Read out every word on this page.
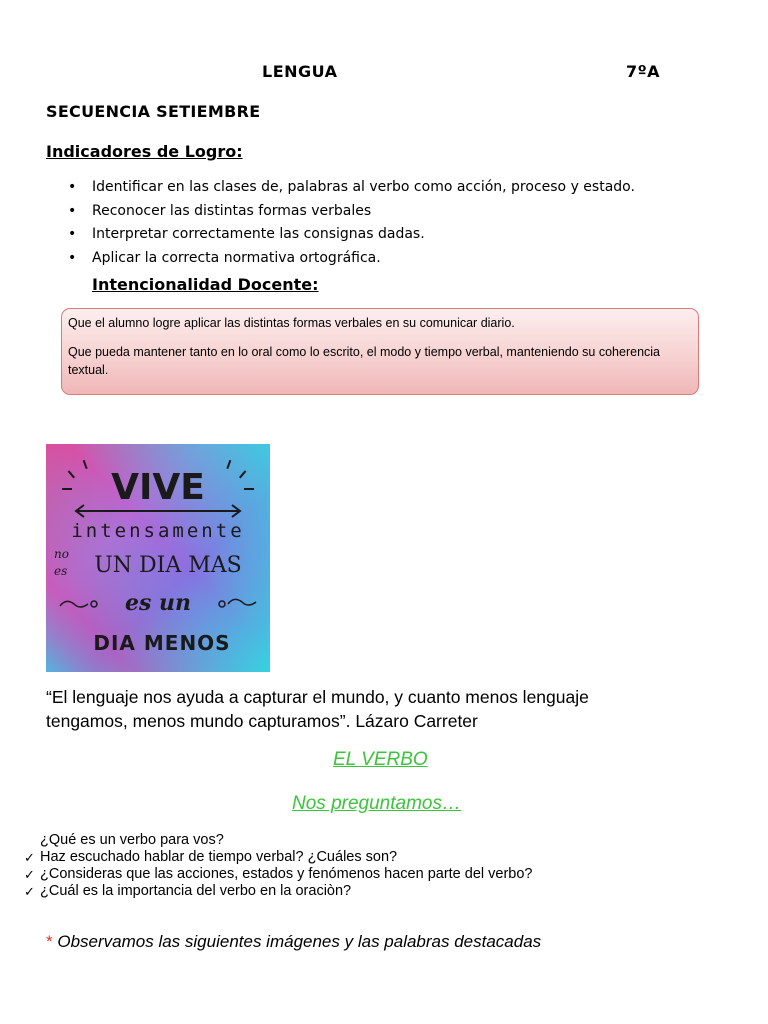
LENGUA	7ºA
SECUENCIA SETIEMBRE
Indicadores de Logro:
• Identificar en las clases de, palabras al verbo como acción, proceso y estado.
• Reconocer las distintas formas verbales
• Interpretar correctamente las consignas dadas.
• Aplicar la correcta normativa ortográfica.
Intencionalidad Docente:

Que el alumno logre aplicar las distintas formas verbales en su comunicar diario.

Que pueda mantener tanto en lo oral como lo escrito, el modo y tiempo verbal, manteniendo su coherencia textual.

VIVE
intensamente
no
es UN DIA MAS
es un
DIA MENOS
“El lenguaje nos ayuda a capturar el mundo, y cuanto menos lenguaje tengamos, menos mundo capturamos”. Lázaro Carreter
EL VERBO
Nos preguntamos…
¿Qué es un verbo para vos?
✓ Haz escuchado hablar de tiempo verbal? ¿Cuáles son?
✓ ¿Consideras que las acciones, estados y fenómenos hacen parte del verbo?
✓ ¿Cuál es la importancia del verbo en la oraciòn?
* Observamos las siguientes imágenes y las palabras destacadas
